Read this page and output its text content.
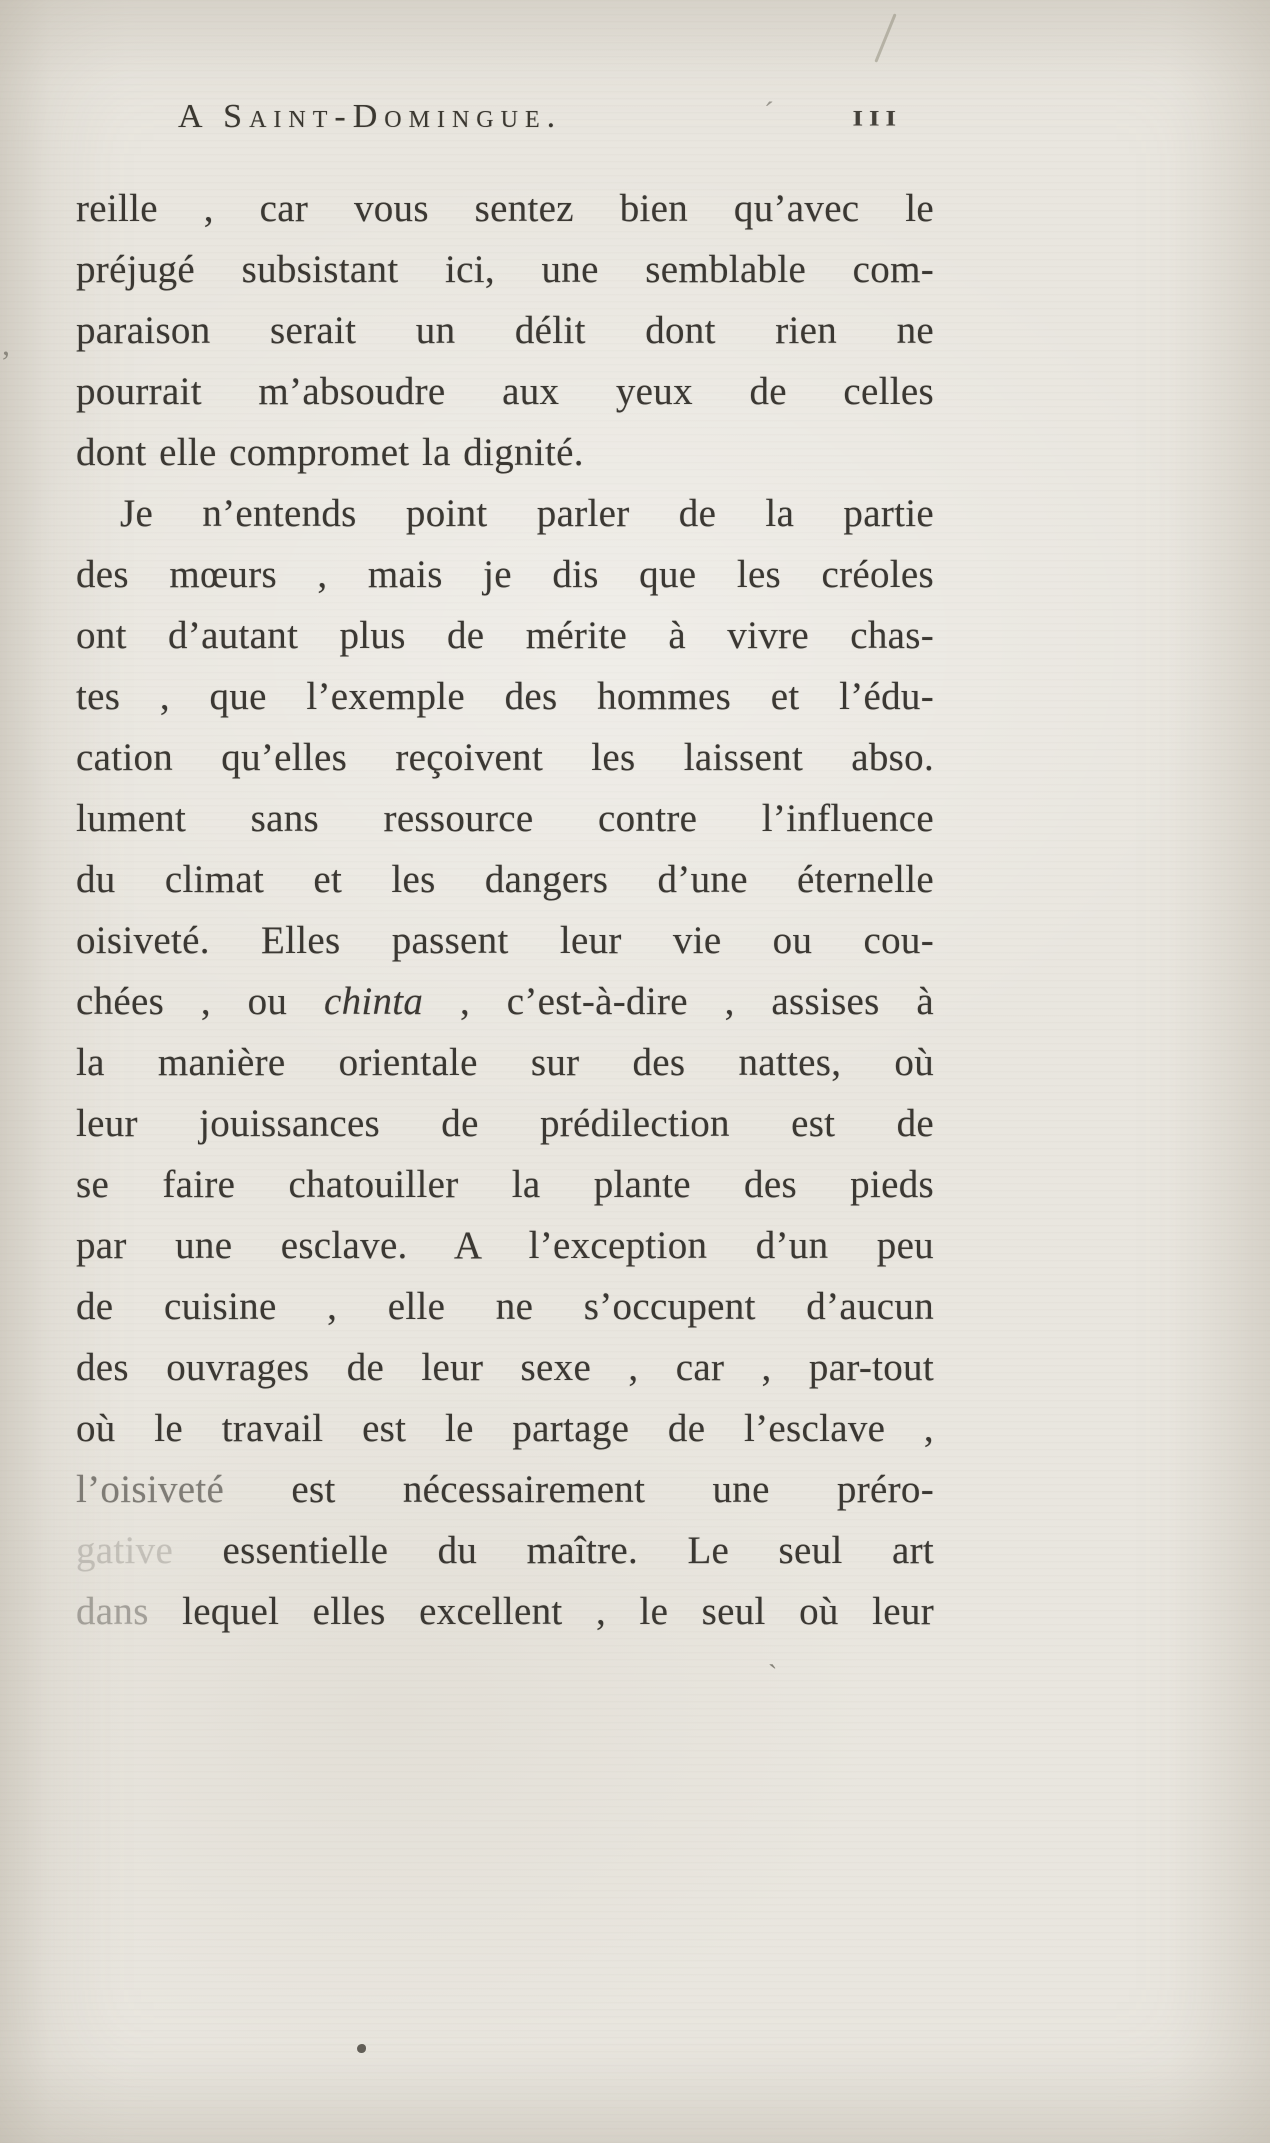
A Saint-Domingue.	III
reille , car vous sentez bien qu’avec le
préjugé subsistant ici, une semblable com-
paraison serait un délit dont rien ne
pourrait m’absoudre aux yeux de celles
dont elle compromet la dignité.
Je n’entends point parler de la partie
des mœurs , mais je dis que les créoles
ont d’autant plus de mérite à vivre chas-
tes , que l’exemple des hommes et l’édu-
cation qu’elles reçoivent les laissent abso.
lument sans ressource contre l’influence
du climat et les dangers d’une éternelle
oisiveté. Elles passent leur vie ou cou-
chées , ou chinta , c’est-à-dire , assises à
la manière orientale sur des nattes, où
leur jouissances de prédilection est de
se faire chatouiller la plante des pieds
par une esclave. A l’exception d’un peu
de cuisine , elle ne s’occupent d’aucun
des ouvrages de leur sexe , car , par-tout
où le travail est le partage de l’esclave ,
l’oisiveté est nécessairement une préro-
gative essentielle du maître. Le seul art
dans lequel elles excellent , le seul où leur
´
,
`
